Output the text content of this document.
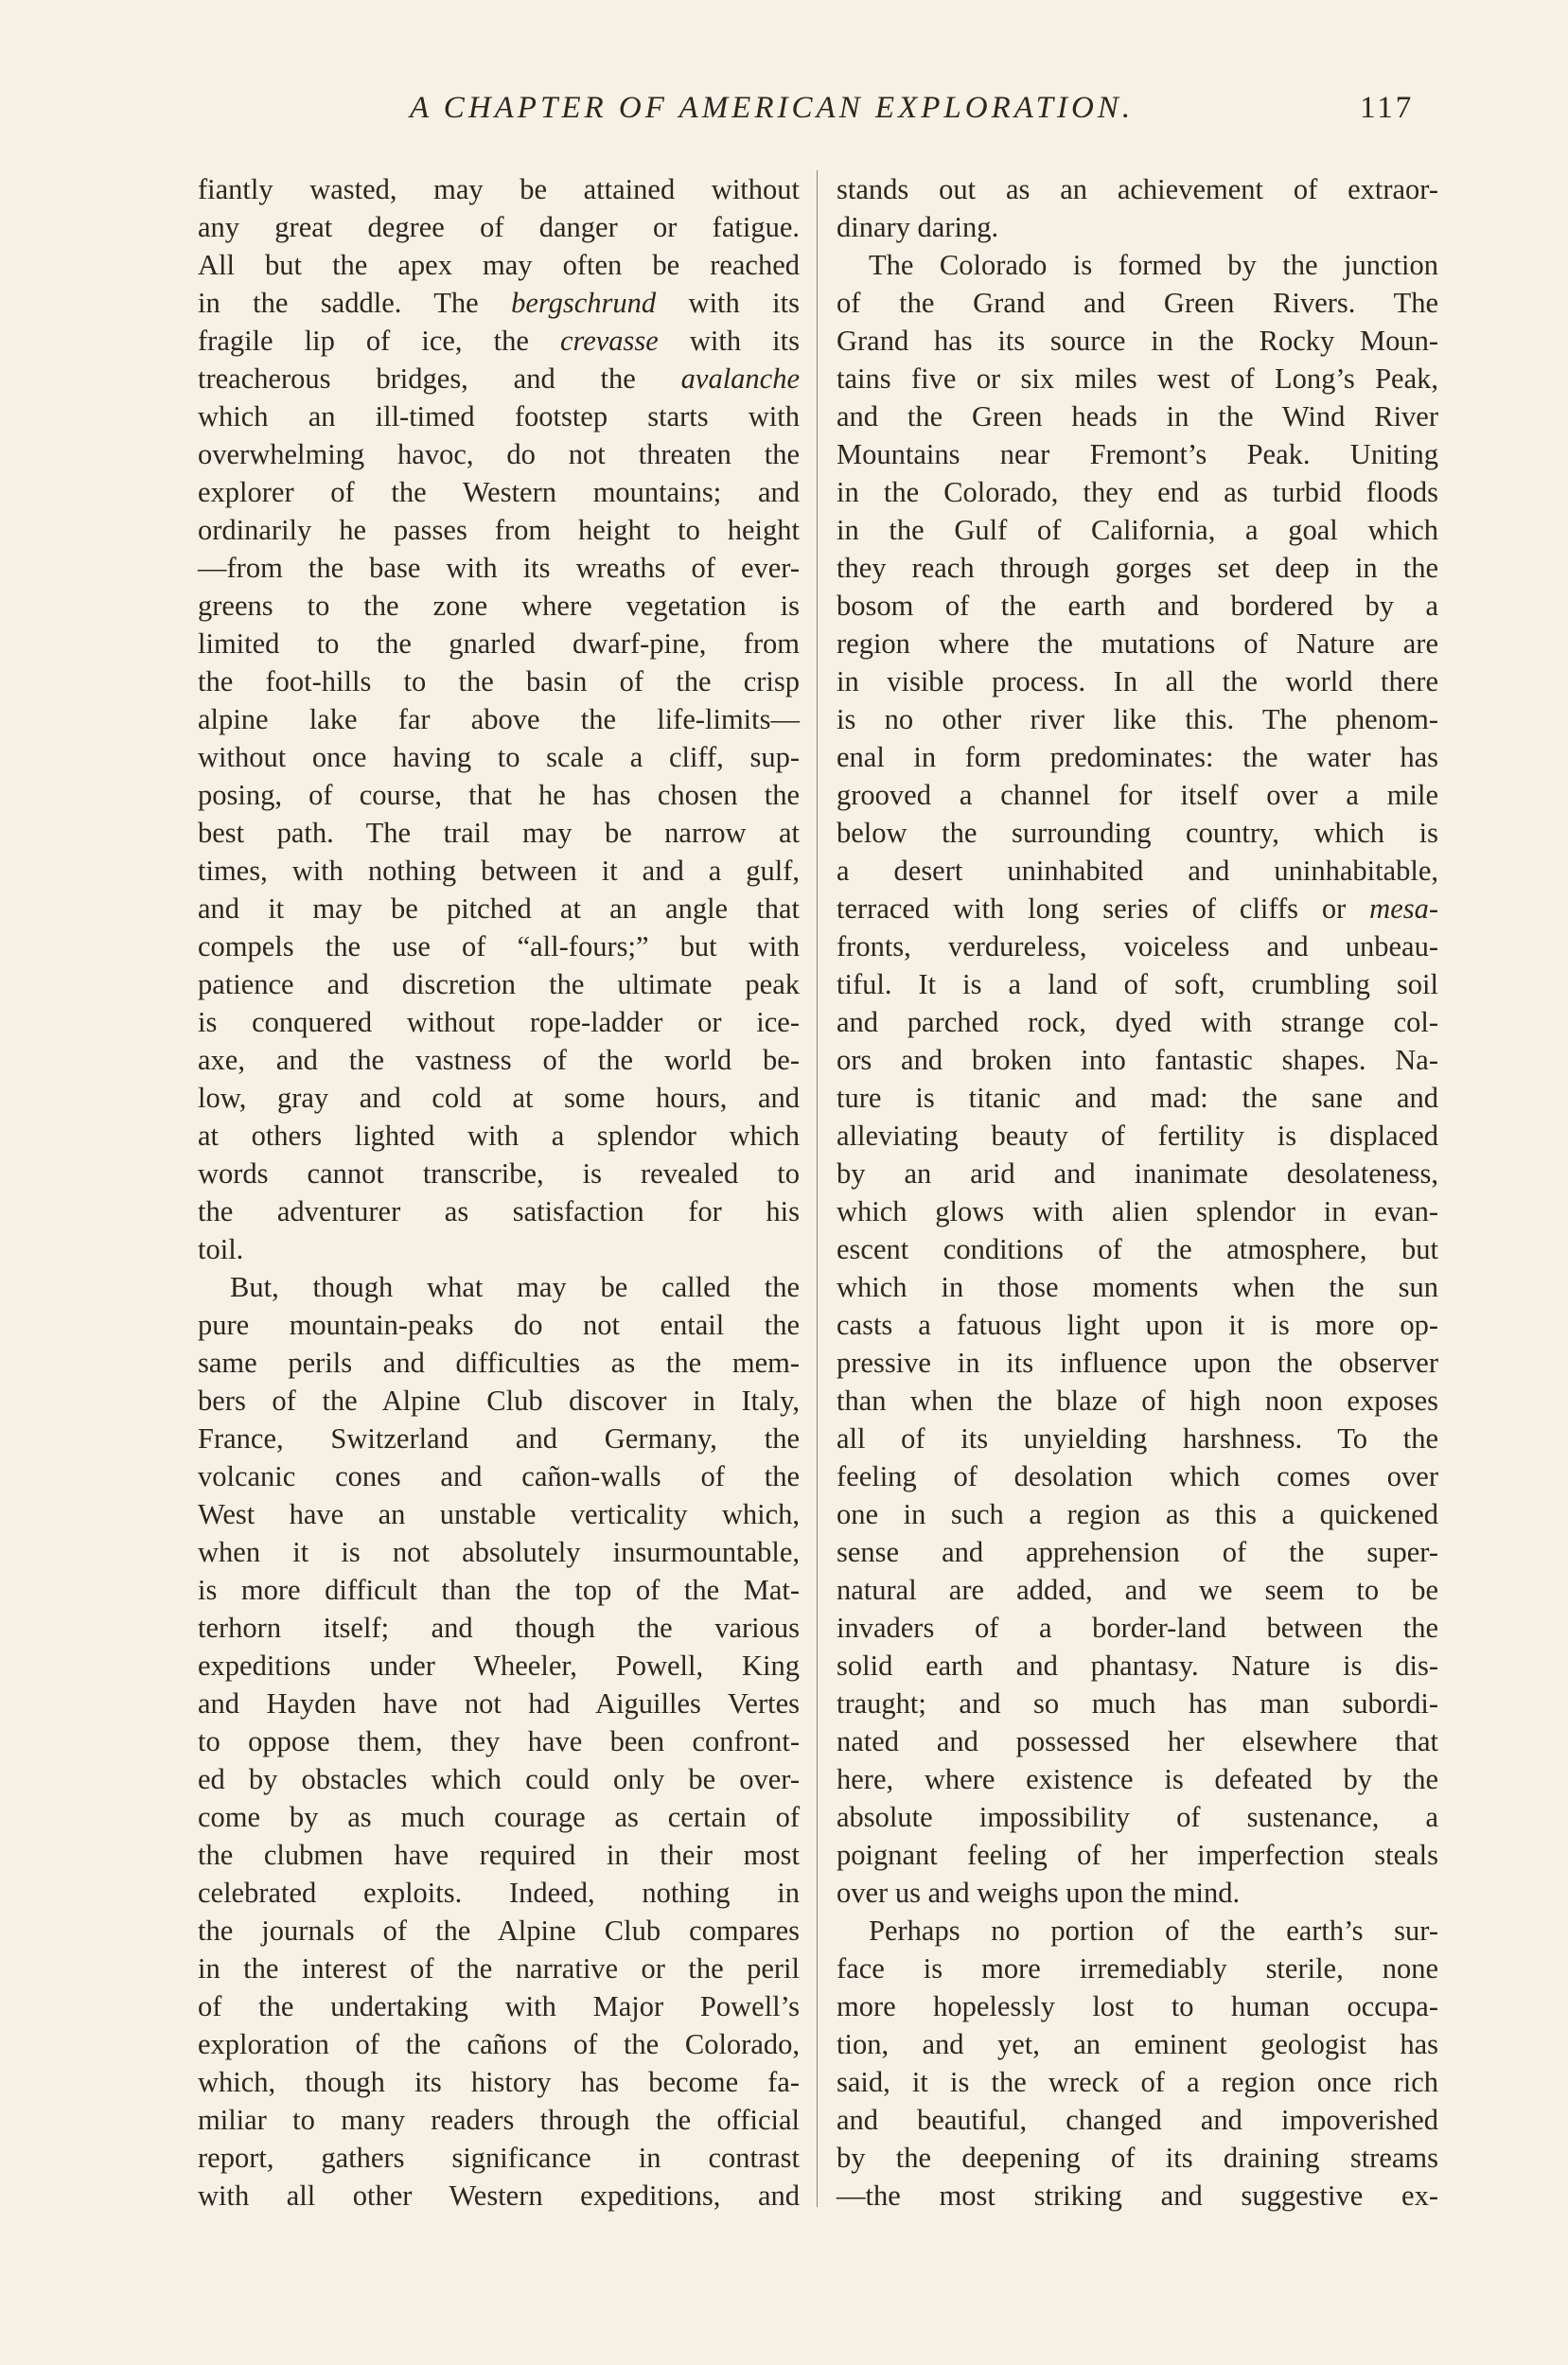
A CHAPTER OF AMERICAN EXPLORATION.	117
fiantly wasted, may be attained without
any great degree of danger or fatigue.
All but the apex may often be reached
in the saddle. The bergschrund with its
fragile lip of ice, the crevasse with its
treacherous bridges, and the avalanche
which an ill-timed footstep starts with
overwhelming havoc, do not threaten the
explorer of the Western mountains; and
ordinarily he passes from height to height
—from the base with its wreaths of ever-
greens to the zone where vegetation is
limited to the gnarled dwarf-pine, from
the foot-hills to the basin of the crisp
alpine lake far above the life-limits—
without once having to scale a cliff, sup-
posing, of course, that he has chosen the
best path. The trail may be narrow at
times, with nothing between it and a gulf,
and it may be pitched at an angle that
compels the use of “all-fours;” but with
patience and discretion the ultimate peak
is conquered without rope-ladder or ice-
axe, and the vastness of the world be-
low, gray and cold at some hours, and
at others lighted with a splendor which
words cannot transcribe, is revealed to
the adventurer as satisfaction for his
toil.
But, though what may be called the
pure mountain-peaks do not entail the
same perils and difficulties as the mem-
bers of the Alpine Club discover in Italy,
France, Switzerland and Germany, the
volcanic cones and cañon-walls of the
West have an unstable verticality which,
when it is not absolutely insurmountable,
is more difficult than the top of the Mat-
terhorn itself; and though the various
expeditions under Wheeler, Powell, King
and Hayden have not had Aiguilles Vertes
to oppose them, they have been confront-
ed by obstacles which could only be over-
come by as much courage as certain of
the clubmen have required in their most
celebrated exploits. Indeed, nothing in
the journals of the Alpine Club compares
in the interest of the narrative or the peril
of the undertaking with Major Powell’s
exploration of the cañons of the Colorado,
which, though its history has become fa-
miliar to many readers through the official
report, gathers significance in contrast
with all other Western expeditions, and
stands out as an achievement of extraor-
dinary daring.
The Colorado is formed by the junction
of the Grand and Green Rivers. The
Grand has its source in the Rocky Moun-
tains five or six miles west of Long’s Peak,
and the Green heads in the Wind River
Mountains near Fremont’s Peak. Uniting
in the Colorado, they end as turbid floods
in the Gulf of California, a goal which
they reach through gorges set deep in the
bosom of the earth and bordered by a
region where the mutations of Nature are
in visible process. In all the world there
is no other river like this. The phenom-
enal in form predominates: the water has
grooved a channel for itself over a mile
below the surrounding country, which is
a desert uninhabited and uninhabitable,
terraced with long series of cliffs or mesa-
fronts, verdureless, voiceless and unbeau-
tiful. It is a land of soft, crumbling soil
and parched rock, dyed with strange col-
ors and broken into fantastic shapes. Na-
ture is titanic and mad: the sane and
alleviating beauty of fertility is displaced
by an arid and inanimate desolateness,
which glows with alien splendor in evan-
escent conditions of the atmosphere, but
which in those moments when the sun
casts a fatuous light upon it is more op-
pressive in its influence upon the observer
than when the blaze of high noon exposes
all of its unyielding harshness. To the
feeling of desolation which comes over
one in such a region as this a quickened
sense and apprehension of the super-
natural are added, and we seem to be
invaders of a border-land between the
solid earth and phantasy. Nature is dis-
traught; and so much has man subordi-
nated and possessed her elsewhere that
here, where existence is defeated by the
absolute impossibility of sustenance, a
poignant feeling of her imperfection steals
over us and weighs upon the mind.
Perhaps no portion of the earth’s sur-
face is more irremediably sterile, none
more hopelessly lost to human occupa-
tion, and yet, an eminent geologist has
said, it is the wreck of a region once rich
and beautiful, changed and impoverished
by the deepening of its draining streams
—the most striking and suggestive ex-
